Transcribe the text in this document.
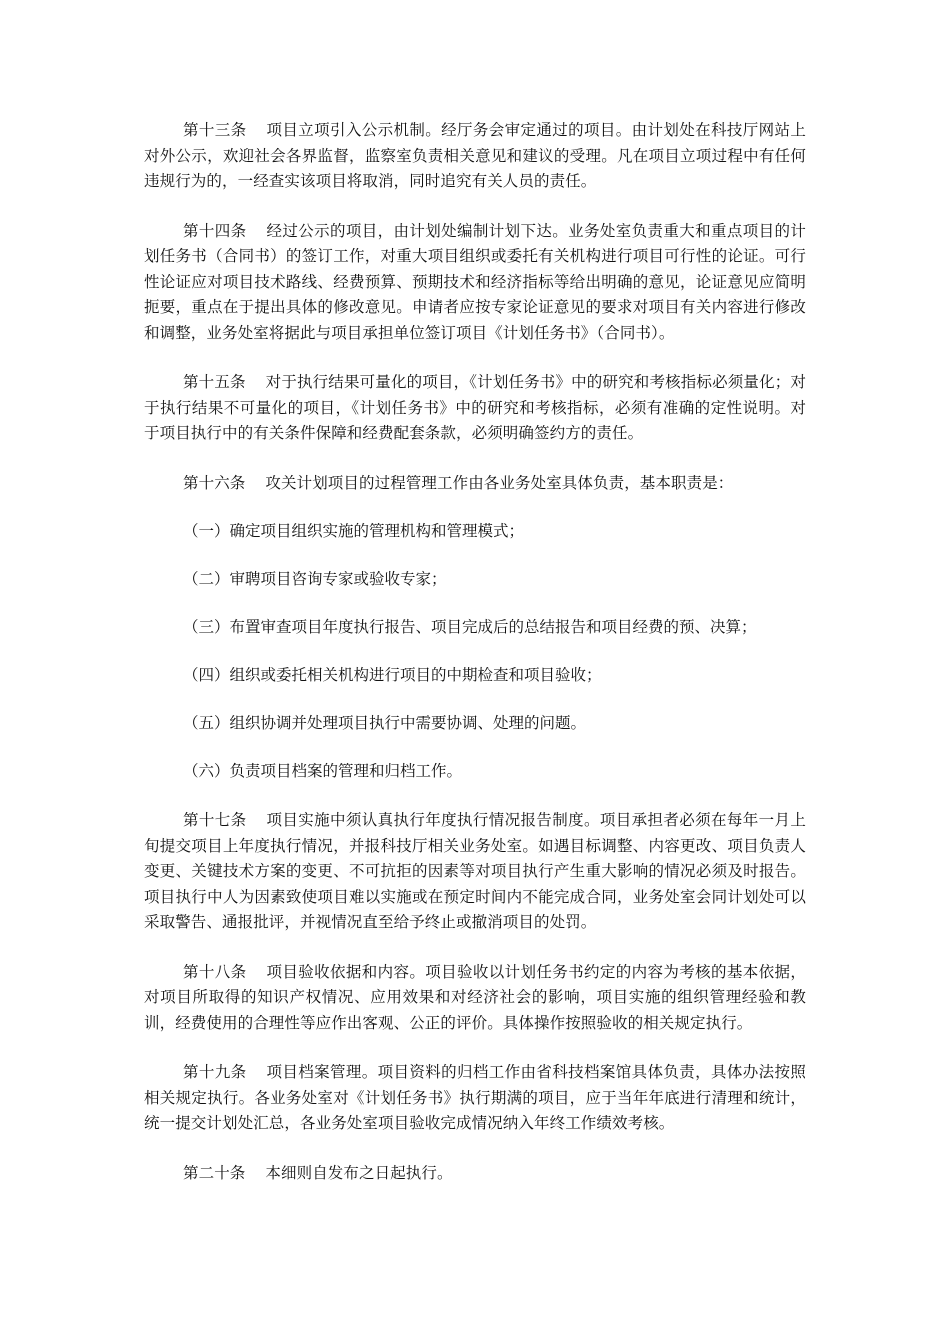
第十三条 项目立项引入公示机制。经厅务会审定通过的项目。由计划处在科技厅网站上对外公示，欢迎社会各界监督，监察室负责相关意见和建议的受理。凡在项目立项过程中有任何违规行为的，一经查实该项目将取消，同时追究有关人员的责任。

第十四条 经过公示的项目，由计划处编制计划下达。业务处室负责重大和重点项目的计划任务书（合同书）的签订工作，对重大项目组织或委托有关机构进行项目可行性的论证。可行性论证应对项目技术路线、经费预算、预期技术和经济指标等给出明确的意见，论证意见应简明扼要，重点在于提出具体的修改意见。申请者应按专家论证意见的要求对项目有关内容进行修改和调整，业务处室将据此与项目承担单位签订项目《计划任务书》（合同书）。

第十五条 对于执行结果可量化的项目，《计划任务书》中的研究和考核指标必须量化；对于执行结果不可量化的项目，《计划任务书》中的研究和考核指标，必须有准确的定性说明。对于项目执行中的有关条件保障和经费配套条款，必须明确签约方的责任。

第十六条 攻关计划项目的过程管理工作由各业务处室具体负责，基本职责是：

（一）确定项目组织实施的管理机构和管理模式；

（二）审聘项目咨询专家或验收专家；

（三）布置审查项目年度执行报告、项目完成后的总结报告和项目经费的预、决算；

（四）组织或委托相关机构进行项目的中期检查和项目验收；

（五）组织协调并处理项目执行中需要协调、处理的问题。

（六）负责项目档案的管理和归档工作。

第十七条 项目实施中须认真执行年度执行情况报告制度。项目承担者必须在每年一月上旬提交项目上年度执行情况，并报科技厅相关业务处室。如遇目标调整、内容更改、项目负责人变更、关键技术方案的变更、不可抗拒的因素等对项目执行产生重大影响的情况必须及时报告。项目执行中人为因素致使项目难以实施或在预定时间内不能完成合同，业务处室会同计划处可以采取警告、通报批评，并视情况直至给予终止或撤消项目的处罚。

第十八条 项目验收依据和内容。项目验收以计划任务书约定的内容为考核的基本依据，对项目所取得的知识产权情况、应用效果和对经济社会的影响，项目实施的组织管理经验和教训，经费使用的合理性等应作出客观、公正的评价。具体操作按照验收的相关规定执行。

第十九条 项目档案管理。项目资料的归档工作由省科技档案馆具体负责，具体办法按照相关规定执行。各业务处室对《计划任务书》执行期满的项目，应于当年年底进行清理和统计，统一提交计划处汇总，各业务处室项目验收完成情况纳入年终工作绩效考核。

第二十条 本细则自发布之日起执行。
